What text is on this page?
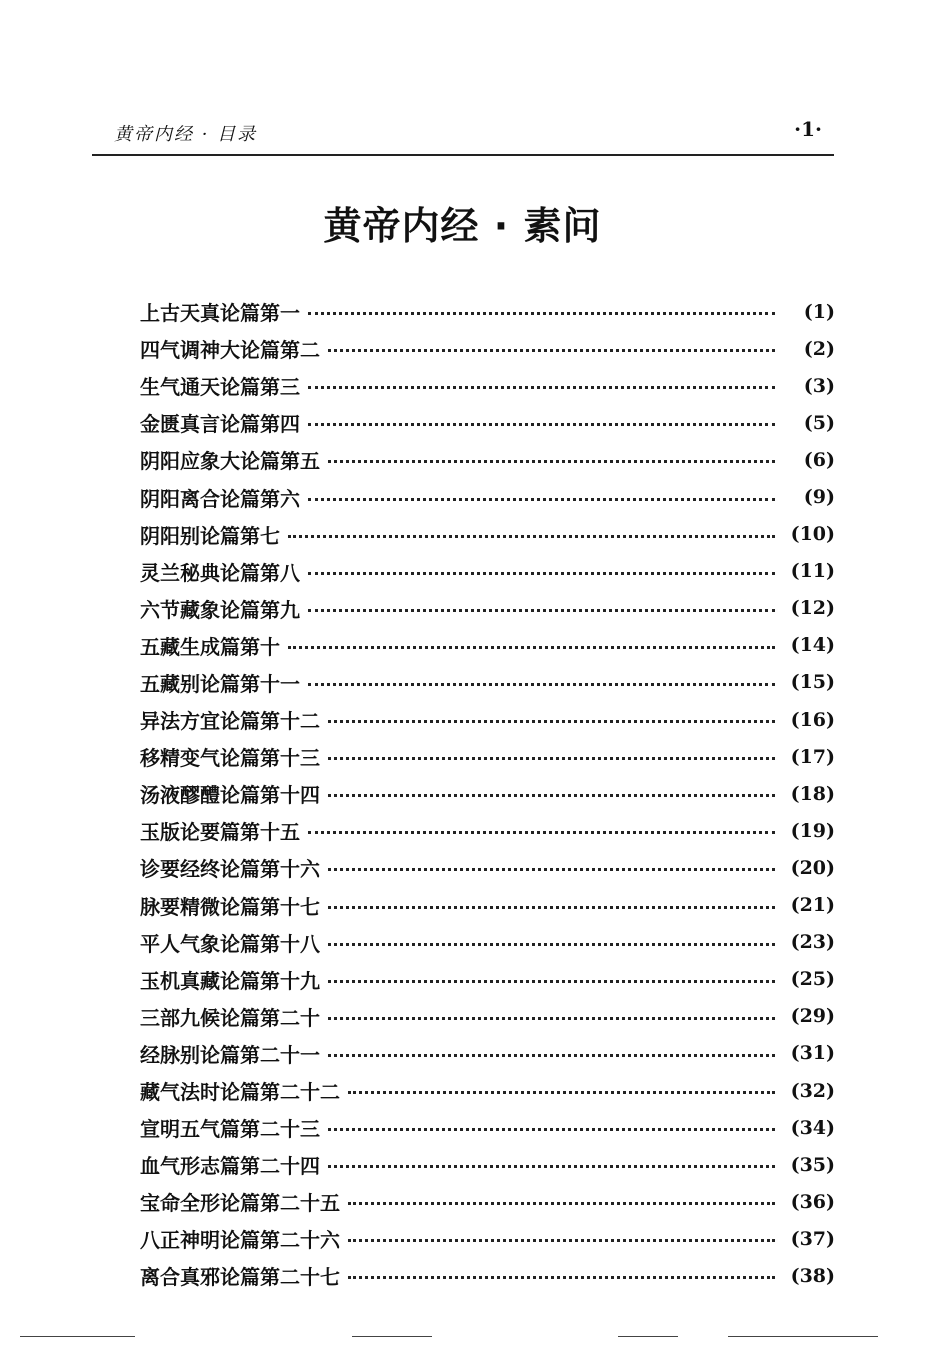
黄帝内经 · 目录	·1·
黄帝内经 · 素问
上古天真论篇第一	(1)
四气调神大论篇第二	(2)
生气通天论篇第三	(3)
金匮真言论篇第四	(5)
阴阳应象大论篇第五	(6)
阴阳离合论篇第六	(9)
阴阳别论篇第七	(10)
灵兰秘典论篇第八	(11)
六节藏象论篇第九	(12)
五藏生成篇第十	(14)
五藏别论篇第十一	(15)
异法方宜论篇第十二	(16)
移精变气论篇第十三	(17)
汤液醪醴论篇第十四	(18)
玉版论要篇第十五	(19)
诊要经终论篇第十六	(20)
脉要精微论篇第十七	(21)
平人气象论篇第十八	(23)
玉机真藏论篇第十九	(25)
三部九候论篇第二十	(29)
经脉别论篇第二十一	(31)
藏气法时论篇第二十二	(32)
宣明五气篇第二十三	(34)
血气形志篇第二十四	(35)
宝命全形论篇第二十五	(36)
八正神明论篇第二十六	(37)
离合真邪论篇第二十七	(38)
